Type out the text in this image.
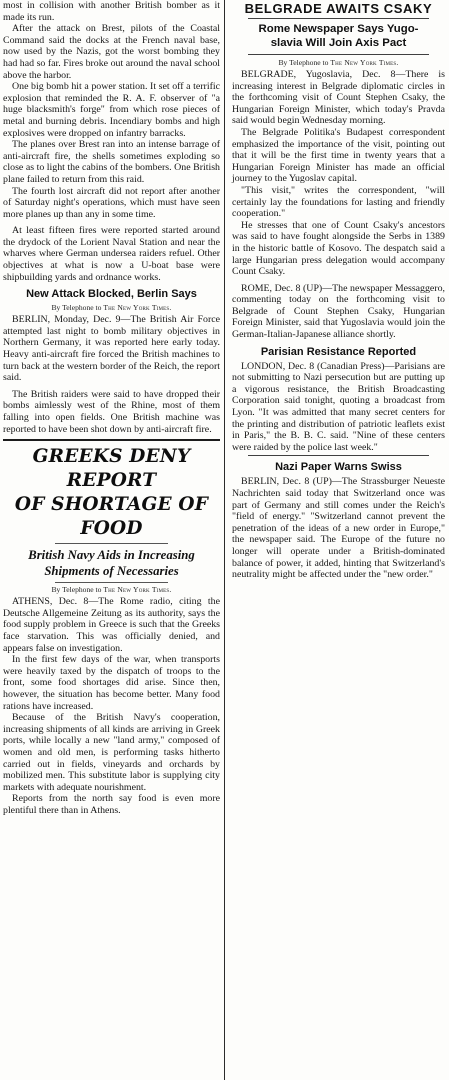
most in collision with another British bomber as it made its run.

After the attack on Brest, pilots of the Coastal Command said the docks at the French naval base, now used by the Nazis, got the worst bombing they had had so far. Fires broke out around the naval school above the harbor.

One big bomb hit a power station. It set off a terrific explosion that reminded the R. A. F. observer of "a huge blacksmith's forge" from which rose pieces of metal and burning debris. Incendiary bombs and high explosives were dropped on infantry barracks.

The planes over Brest ran into an intense barrage of anti-aircraft fire, the shells sometimes exploding so close as to light the cabins of the bombers. One British plane failed to return from this raid.

The fourth lost aircraft did not report after another of Saturday night's operations, which must have seen more planes up than any in some time.

At least fifteen fires were reported started around the drydock of the Lorient Naval Station and near the wharves where German undersea raiders refuel. Other objectives at what is now a U-boat base were shipbuilding yards and ordnance works.

New Attack Blocked, Berlin Says
By Telephone to The New York Times.

BERLIN, Monday, Dec. 9—The British Air Force attempted last night to bomb military objectives in Northern Germany, it was reported here early today. Heavy anti-aircraft fire forced the British machines to turn back at the western border of the Reich, the report said.

The British raiders were said to have dropped their bombs aimlessly west of the Rhine, most of them falling into open fields. One British machine was reported to have been shot down by anti-aircraft fire.

GREEKS DENY REPORT
OF SHORTAGE OF FOOD
British Navy Aids in Increasing
Shipments of Necessaries
By Telephone to The New York Times.

ATHENS, Dec. 8—The Rome radio, citing the Deutsche Allgemeine Zeitung as its authority, says the food supply problem in Greece is such that the Greeks face starvation. This was officially denied, and appears false on investigation.

In the first few days of the war, when transports were heavily taxed by the dispatch of troops to the front, some food shortages did arise. Since then, however, the situation has become better. Many food rations have increased.

Because of the British Navy's cooperation, increasing shipments of all kinds are arriving in Greek ports, while locally a new "land army," composed of women and old men, is performing tasks hitherto carried out in fields, vineyards and orchards by mobilized men. This substitute labor is supplying city markets with adequate nourishment.

Reports from the north say food is even more plentiful there than in Athens.

BELGRADE AWAITS CSAKY
Rome Newspaper Says Yugo-
slavia Will Join Axis Pact
By Telephone to The New York Times.

BELGRADE, Yugoslavia, Dec. 8—There is increasing interest in Belgrade diplomatic circles in the forthcoming visit of Count Stephen Csaky, the Hungarian Foreign Minister, which today's Pravda said would begin Wednesday morning.

The Belgrade Politika's Budapest correspondent emphasized the importance of the visit, pointing out that it will be the first time in twenty years that a Hungarian Foreign Minister has made an official journey to the Yugoslav capital.

"This visit," writes the correspondent, "will certainly lay the foundations for lasting and friendly cooperation."

He stresses that one of Count Csaky's ancestors was said to have fought alongside the Serbs in 1389 in the historic battle of Kosovo. The despatch said a large Hungarian press delegation would accompany Count Csaky.

ROME, Dec. 8 (UP)—The newspaper Messaggero, commenting today on the forthcoming visit to Belgrade of Count Stephen Csaky, Hungarian Foreign Minister, said that Yugoslavia would join the German-Italian-Japanese alliance shortly.

Parisian Resistance Reported

LONDON, Dec. 8 (Canadian Press)—Parisians are not submitting to Nazi persecution but are putting up a vigorous resistance, the British Broadcasting Corporation said tonight, quoting a broadcast from Lyon. "It was admitted that many secret centers for the printing and distribution of patriotic leaflets exist in Paris," the B. B. C. said. "Nine of these centers were raided by the police last week."

Nazi Paper Warns Swiss

BERLIN, Dec. 8 (UP)—The Strassburger Neueste Nachrichten said today that Switzerland once was part of Germany and still comes under the Reich's "field of energy." "Switzerland cannot prevent the penetration of the ideas of a new order in Europe," the newspaper said. The Europe of the future no longer will operate under a British-dominated balance of power, it added, hinting that Switzerland's neutrality might be affected under the "new order."
